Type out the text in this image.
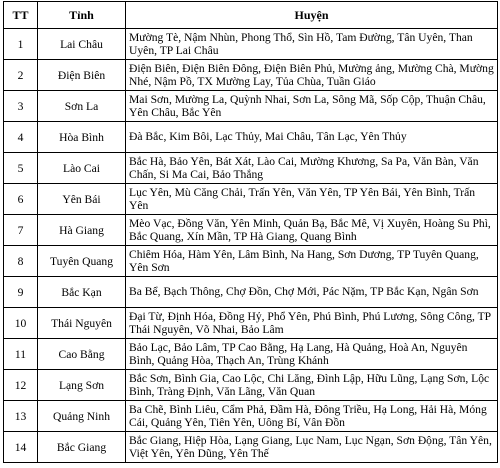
TT	Tỉnh	Huyện
1	Lai Châu	Mường Tè, Nậm Nhùn, Phong Thổ, Sìn Hồ, Tam Đường, Tân Uyên, Than Uyên, TP Lai Châu
2	Điện Biên	Điện Biên, Điện Biên Đông, Điện Biên Phủ, Mường ảng, Mường Chà, Mường Nhé, Nậm Pồ, TX Mường Lay, Tủa Chùa, Tuần Giáo
3	Sơn La	Mai Sơn, Mường La, Quỳnh Nhai, Sơn La, Sông Mã, Sốp Cộp, Thuận Châu, Yên Châu, Bắc Yên
4	Hòa Bình	Đà Bắc, Kim Bôi, Lạc Thủy, Mai Châu, Tân Lạc, Yên Thủy
5	Lào Cai	Bắc Hà, Bảo Yên, Bát Xát, Lào Cai, Mường Khương, Sa Pa, Văn Bàn, Văn Chấn, Si Ma Cai, Bảo Thắng
6	Yên Bái	Lục Yên, Mù Căng Chải, Trấn Yên, Văn Yên, TP Yên Bái, Yên Bình, Trấn Yên
7	Hà Giang	Mèo Vạc, Đồng Văn, Yên Minh, Quản Bạ, Bắc Mê, Vị Xuyên, Hoàng Su Phì, Bắc Quang, Xín Mần, TP Hà Giang, Quang Bình
8	Tuyên Quang	Chiêm Hóa, Hàm Yên, Lâm Bình, Na Hang, Sơn Dương, TP Tuyên Quang, Yên Sơn
9	Bắc Kạn	Ba Bể, Bạch Thông, Chợ Đồn, Chợ Mới, Pác Nặm, TP Bắc Kạn, Ngân Sơn
10	Thái Nguyên	Đại Từ, Định Hóa, Đồng Hỷ, Phổ Yên, Phú Bình, Phú Lương, Sông Công, TP Thái Nguyên, Võ Nhai, Bảo Lâm
11	Cao Bằng	Bảo Lạc, Bảo Lâm, TP Cao Bằng, Hạ Lang, Hà Quảng, Hoà An, Nguyên Bình, Quảng Hòa, Thạch An, Trùng Khánh
12	Lạng Sơn	Bắc Sơn, Bình Gia, Cao Lộc, Chi Lăng, Đình Lập, Hữu Lũng, Lạng Sơn, Lộc Bình, Tràng Định, Văn Lãng, Văn Quan
13	Quảng Ninh	Ba Chẽ, Bình Liêu, Cẩm Phả, Đầm Hà, Đông Triều, Hạ Long, Hải Hà, Móng Cái, Quảng Yên, Tiên Yên, Uông Bí, Vân Đồn
14	Bắc Giang	Bắc Giang, Hiệp Hòa, Lạng Giang, Lục Nam, Lục Ngạn, Sơn Động, Tân Yên, Việt Yên, Yên Dũng, Yên Thế
